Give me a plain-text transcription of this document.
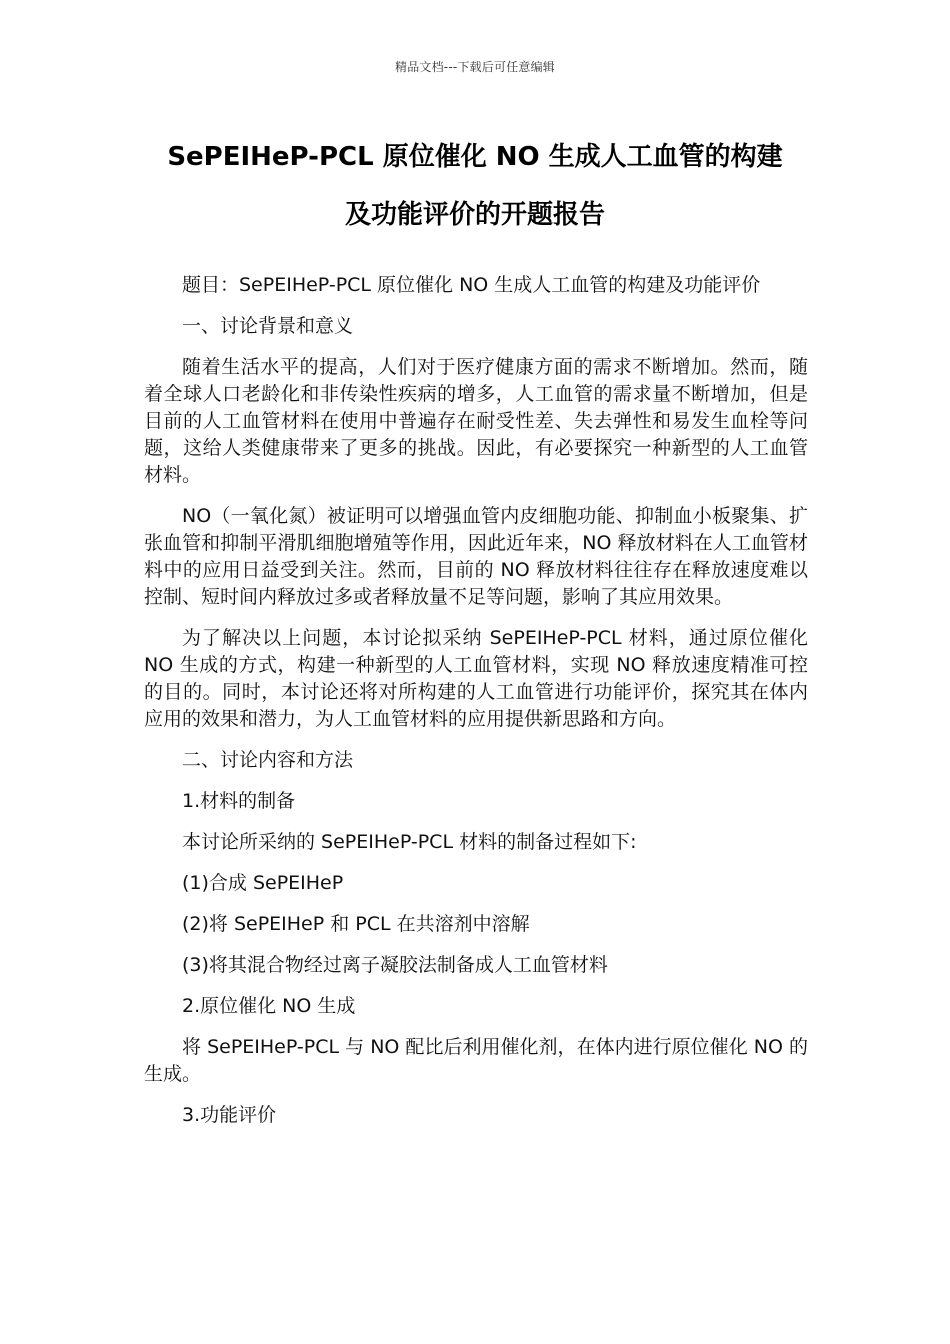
精品文档---下载后可任意编辑
SePEIHeP-PCL 原位催化 NO 生成人工血管的构建
及功能评价的开题报告

题目：SePEIHeP-PCL 原位催化 NO 生成人工血管的构建及功能评价

一、讨论背景和意义

随着生活水平的提高，人们对于医疗健康方面的需求不断增加。然而，随着全球人口老龄化和非传染性疾病的增多，人工血管的需求量不断增加，但是目前的人工血管材料在使用中普遍存在耐受性差、失去弹性和易发生血栓等问题，这给人类健康带来了更多的挑战。因此，有必要探究一种新型的人工血管材料。

NO（一氧化氮）被证明可以增强血管内皮细胞功能、抑制血小板聚集、扩张血管和抑制平滑肌细胞增殖等作用，因此近年来，NO 释放材料在人工血管材料中的应用日益受到关注。然而，目前的 NO 释放材料往往存在释放速度难以控制、短时间内释放过多或者释放量不足等问题，影响了其应用效果。

为了解决以上问题，本讨论拟采纳 SePEIHeP-PCL 材料，通过原位催化 NO 生成的方式，构建一种新型的人工血管材料，实现 NO 释放速度精准可控的目的。同时，本讨论还将对所构建的人工血管进行功能评价，探究其在体内应用的效果和潜力，为人工血管材料的应用提供新思路和方向。

二、讨论内容和方法

1.材料的制备

本讨论所采纳的 SePEIHeP-PCL 材料的制备过程如下:

(1)合成 SePEIHeP

(2)将 SePEIHeP 和 PCL 在共溶剂中溶解

(3)将其混合物经过离子凝胶法制备成人工血管材料

2.原位催化 NO 生成

将 SePEIHeP-PCL 与 NO 配比后利用催化剂，在体内进行原位催化 NO 的生成。

3.功能评价
